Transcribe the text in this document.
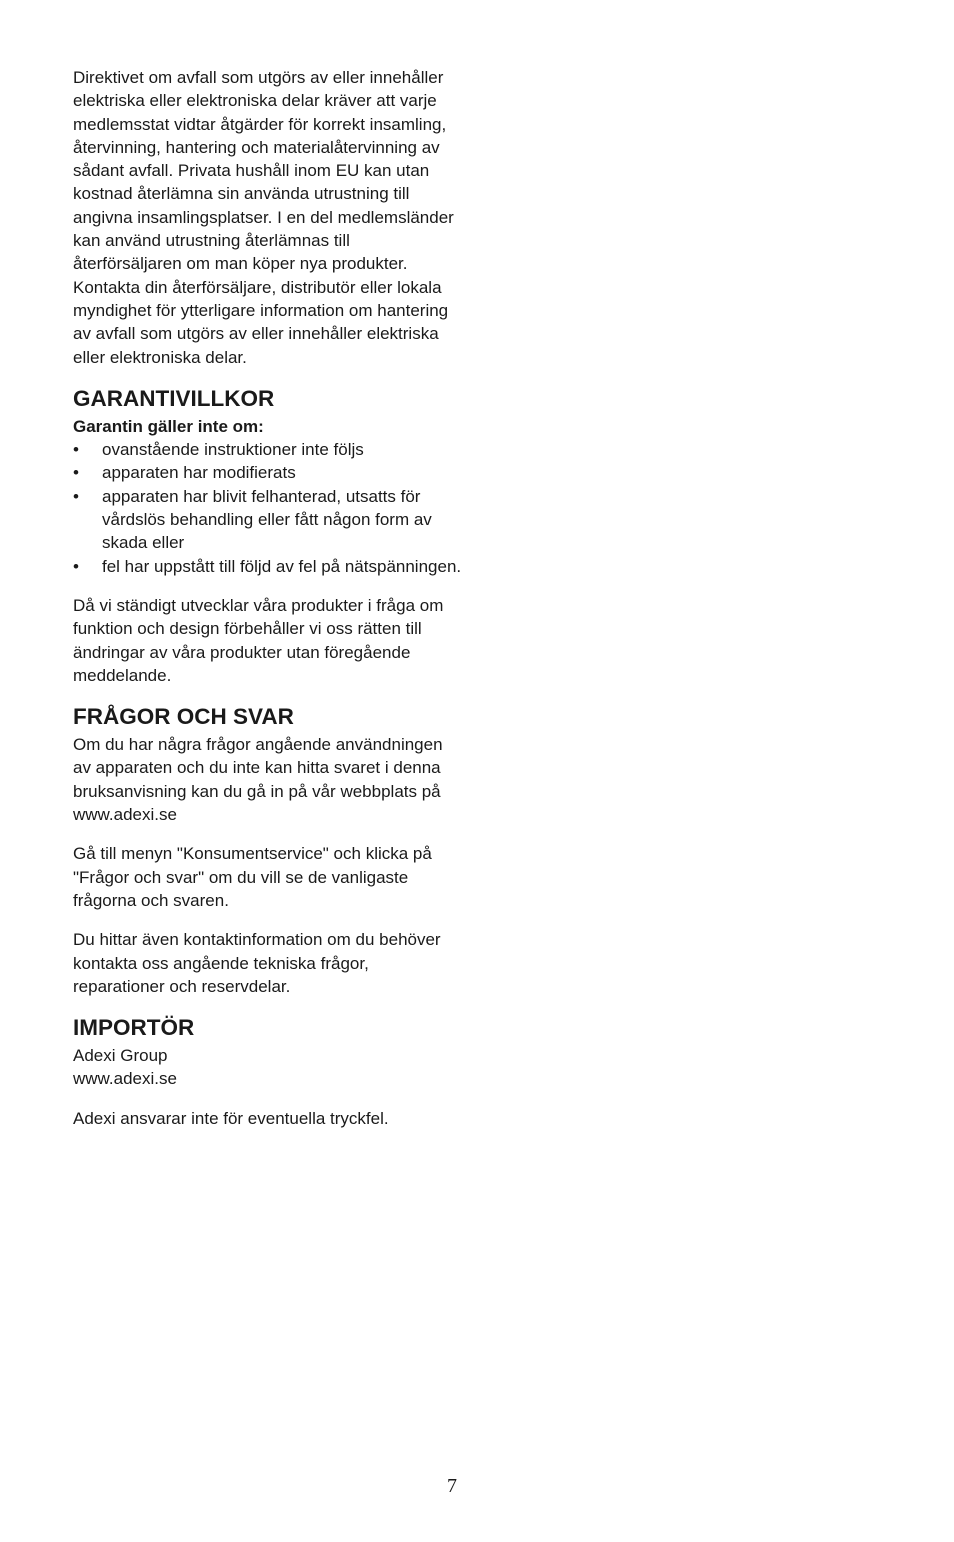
Direktivet om avfall som utgörs av eller innehåller elektriska eller elektroniska delar kräver att varje medlemsstat vidtar åtgärder för korrekt insamling, återvinning, hantering och materialåtervinning av sådant avfall. Privata hushåll inom EU kan utan kostnad återlämna sin använda utrustning till angivna insamlingsplatser. I en del medlemsländer kan använd utrustning återlämnas till återförsäljaren om man köper nya produkter. Kontakta din återförsäljare, distributör eller lokala myndighet för ytterligare information om hantering av avfall som utgörs av eller innehåller elektriska eller elektroniska delar.

GARANTIVILLKOR

Garantin gäller inte om:

• ovanstående instruktioner inte följs
• apparaten har modifierats
• apparaten har blivit felhanterad, utsatts för vårdslös behandling eller fått någon form av skada eller
• fel har uppstått till följd av fel på nätspänningen.

Då vi ständigt utvecklar våra produkter i fråga om funktion och design förbehåller vi oss rätten till ändringar av våra produkter utan föregående meddelande.

FRÅGOR OCH SVAR

Om du har några frågor angående användningen av apparaten och du inte kan hitta svaret i denna bruksanvisning kan du gå in på vår webbplats på www.adexi.se

Gå till menyn "Konsumentservice" och klicka på "Frågor och svar" om du vill se de vanligaste frågorna och svaren.

Du hittar även kontaktinformation om du behöver kontakta oss angående tekniska frågor, reparationer och reservdelar.

IMPORTÖR

Adexi Group

www.adexi.se

Adexi ansvarar inte för eventuella tryckfel.

7
